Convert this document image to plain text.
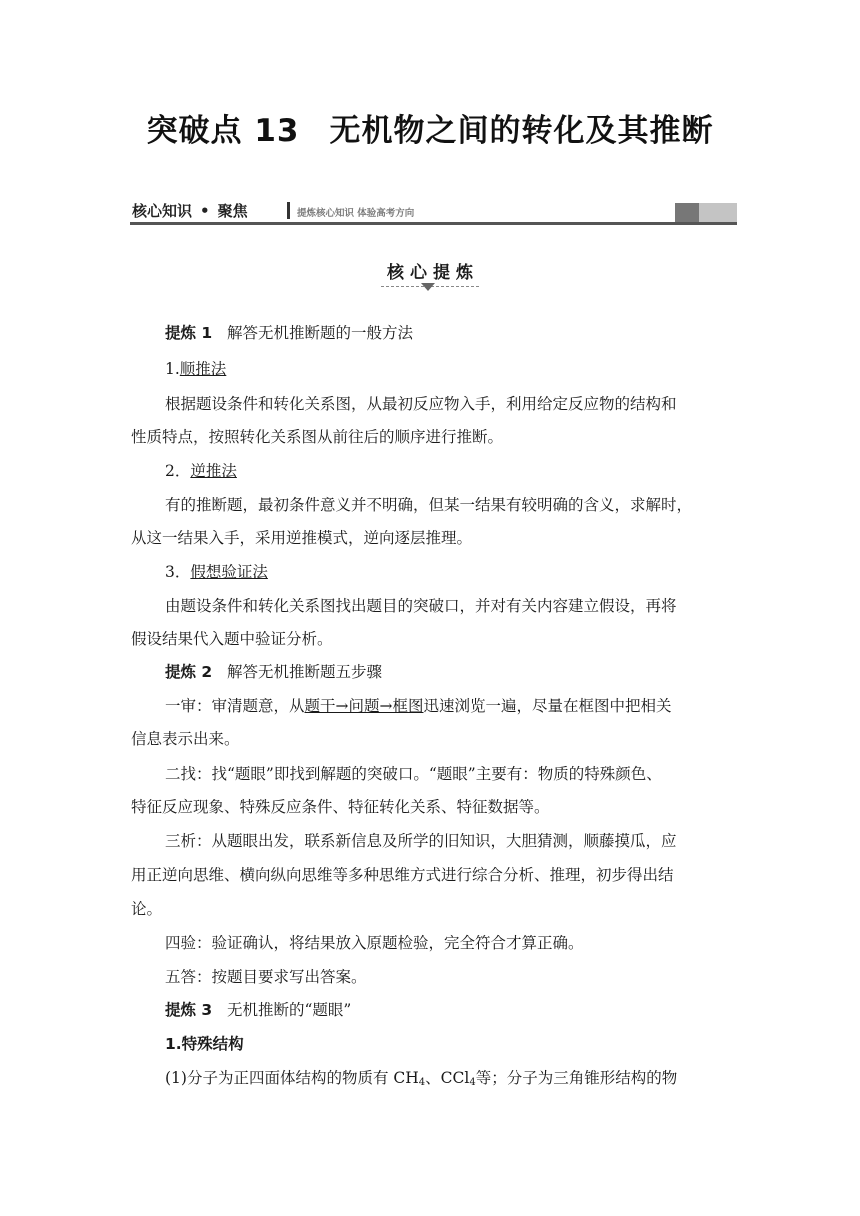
突破点 13 无机物之间的转化及其推断
核心知识 • 聚焦	提炼核心知识 体验高考方向
核心提炼
提炼 1 解答无机推断题的一般方法
1.顺推法
根据题设条件和转化关系图，从最初反应物入手，利用给定反应物的结构和
性质特点，按照转化关系图从前往后的顺序进行推断。
2．逆推法
有的推断题，最初条件意义并不明确，但某一结果有较明确的含义，求解时，
从这一结果入手，采用逆推模式，逆向逐层推理。
3．假想验证法
由题设条件和转化关系图找出题目的突破口，并对有关内容建立假设，再将
假设结果代入题中验证分析。
提炼 2 解答无机推断题五步骤
一审：审清题意，从题干→问题→框图迅速浏览一遍，尽量在框图中把相关
信息表示出来。
二找：找“题眼”即找到解题的突破口。“题眼”主要有：物质的特殊颜色、
特征反应现象、特殊反应条件、特征转化关系、特征数据等。
三析：从题眼出发，联系新信息及所学的旧知识，大胆猜测，顺藤摸瓜，应
用正逆向思维、横向纵向思维等多种思维方式进行综合分析、推理，初步得出结
论。
四验：验证确认，将结果放入原题检验，完全符合才算正确。
五答：按题目要求写出答案。
提炼 3 无机推断的“题眼”
1.特殊结构
(1)分子为正四面体结构的物质有 $CH_4$、CCl$_4$等；分子为三角锥形结构的物
